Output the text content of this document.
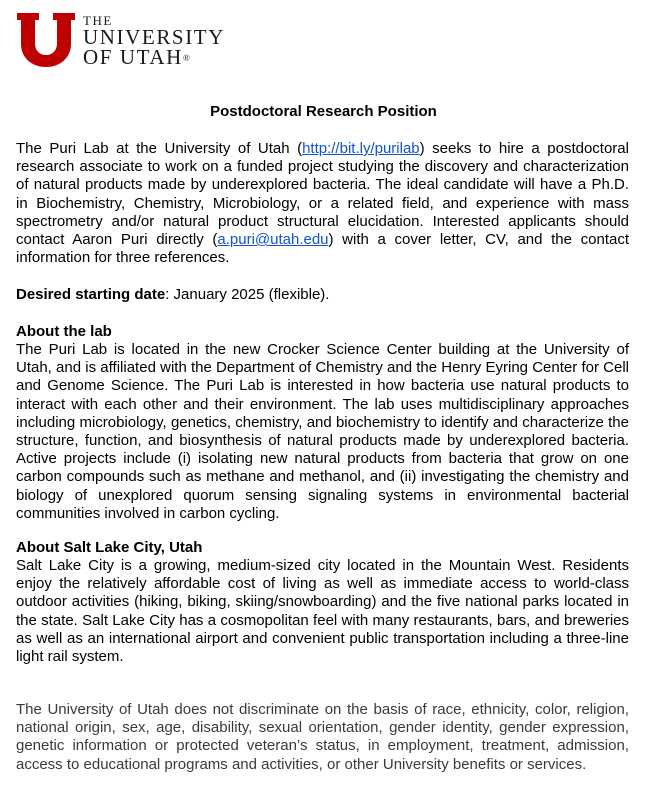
THE
UNIVERSITY
OF UTAH®
Postdoctoral Research Position

The Puri Lab at the University of Utah (http://bit.ly/purilab) seeks to hire a postdoctoral research associate to work on a funded project studying the discovery and characterization of natural products made by underexplored bacteria. The ideal candidate will have a Ph.D. in Biochemistry, Chemistry, Microbiology, or a related field, and experience with mass spectrometry and/or natural product structural elucidation. Interested applicants should contact Aaron Puri directly (a.puri@utah.edu) with a cover letter, CV, and the contact information for three references.

Desired starting date: January 2025 (flexible).

About the lab

The Puri Lab is located in the new Crocker Science Center building at the University of Utah, and is affiliated with the Department of Chemistry and the Henry Eyring Center for Cell and Genome Science. The Puri Lab is interested in how bacteria use natural products to interact with each other and their environment. The lab uses multidisciplinary approaches including microbiology, genetics, chemistry, and biochemistry to identify and characterize the structure, function, and biosynthesis of natural products made by underexplored bacteria. Active projects include (i) isolating new natural products from bacteria that grow on one carbon compounds such as methane and methanol, and (ii) investigating the chemistry and biology of unexplored quorum sensing signaling systems in environmental bacterial communities involved in carbon cycling.

About Salt Lake City, Utah

Salt Lake City is a growing, medium-sized city located in the Mountain West. Residents enjoy the relatively affordable cost of living as well as immediate access to world-class outdoor activities (hiking, biking, skiing/snowboarding) and the five national parks located in the state. Salt Lake City has a cosmopolitan feel with many restaurants, bars, and breweries as well as an international airport and convenient public transportation including a three-line light rail system.

The University of Utah does not discriminate on the basis of race, ethnicity, color, religion, national origin, sex, age, disability, sexual orientation, gender identity, gender expression, genetic information or protected veteran’s status, in employment, treatment, admission, access to educational programs and activities, or other University benefits or services.
